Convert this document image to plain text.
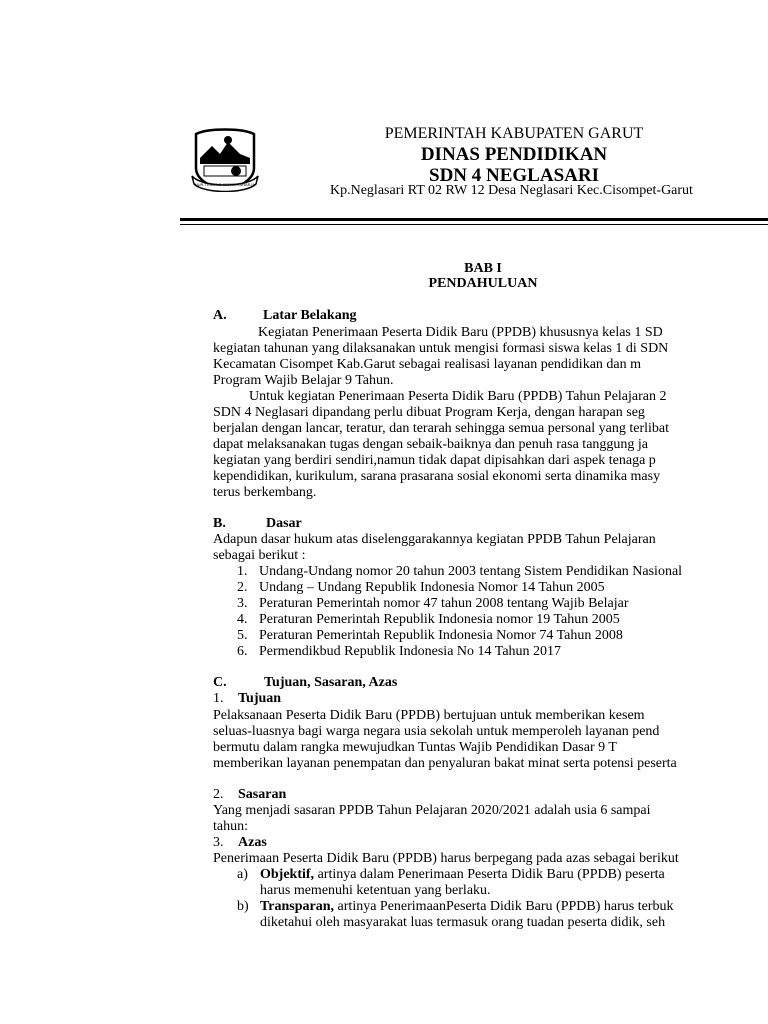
NUR TEMENG KERTA RAHARJA
PEMERINTAH KABUPATEN GARUT
DINAS PENDIDIKAN
SDN 4 NEGLASARI
Kp.Neglasari RT 02 RW 12 Desa Neglasari Kec.Cisompet-Garut
BAB I
PENDAHULUAN
A.	Latar Belakang
Kegiatan Penerimaan Peserta Didik Baru (PPDB) khususnya kelas 1 SD
kegiatan tahunan yang dilaksanakan untuk mengisi formasi siswa kelas 1 di SDN
Kecamatan Cisompet Kab.Garut sebagai realisasi layanan pendidikan dan m
Program Wajib Belajar 9 Tahun.
Untuk kegiatan Penerimaan Peserta Didik Baru (PPDB) Tahun Pelajaran 2
SDN 4 Neglasari dipandang perlu dibuat Program Kerja, dengan harapan seg
berjalan dengan lancar, teratur, dan terarah sehingga semua personal yang terlibat
dapat melaksanakan tugas dengan sebaik-baiknya dan penuh rasa tanggung ja
kegiatan yang berdiri sendiri,namun tidak dapat dipisahkan dari aspek tenaga p
kependidikan, kurikulum, sarana prasarana sosial ekonomi serta dinamika masy
terus berkembang.
B.	Dasar
Adapun dasar hukum atas diselenggarakannya kegiatan PPDB Tahun Pelajaran
sebagai berikut :
1. Undang-Undang nomor 20 tahun 2003 tentang Sistem Pendidikan Nasional
2. Undang – Undang Republik Indonesia Nomor 14 Tahun 2005
3. Peraturan Pemerintah nomor 47 tahun 2008 tentang Wajib Belajar
4. Peraturan Pemerintah Republik Indonesia nomor 19 Tahun 2005
5. Peraturan Pemerintah Republik Indonesia Nomor 74 Tahun 2008
6. Permendikbud Republik Indonesia No 14 Tahun 2017
C.	Tujuan, Sasaran, Azas
1. Tujuan
Pelaksanaan Peserta Didik Baru (PPDB) bertujuan untuk memberikan kesem
seluas-luasnya bagi warga negara usia sekolah untuk memperoleh layanan pend
bermutu dalam rangka mewujudkan Tuntas Wajib Pendidikan Dasar 9 T
memberikan layanan penempatan dan penyaluran bakat minat serta potensi peserta
2. Sasaran
Yang menjadi sasaran PPDB Tahun Pelajaran 2020/2021 adalah usia 6 sampai
tahun:
3. Azas
Penerimaan Peserta Didik Baru (PPDB) harus berpegang pada azas sebagai berikut
a) Objektif, artinya dalam Penerimaan Peserta Didik Baru (PPDB) peserta
harus memenuhi ketentuan yang berlaku.
b) Transparan, artinya PenerimaanPeserta Didik Baru (PPDB) harus terbuk
diketahui oleh masyarakat luas termasuk orang tuadan peserta didik, seh
